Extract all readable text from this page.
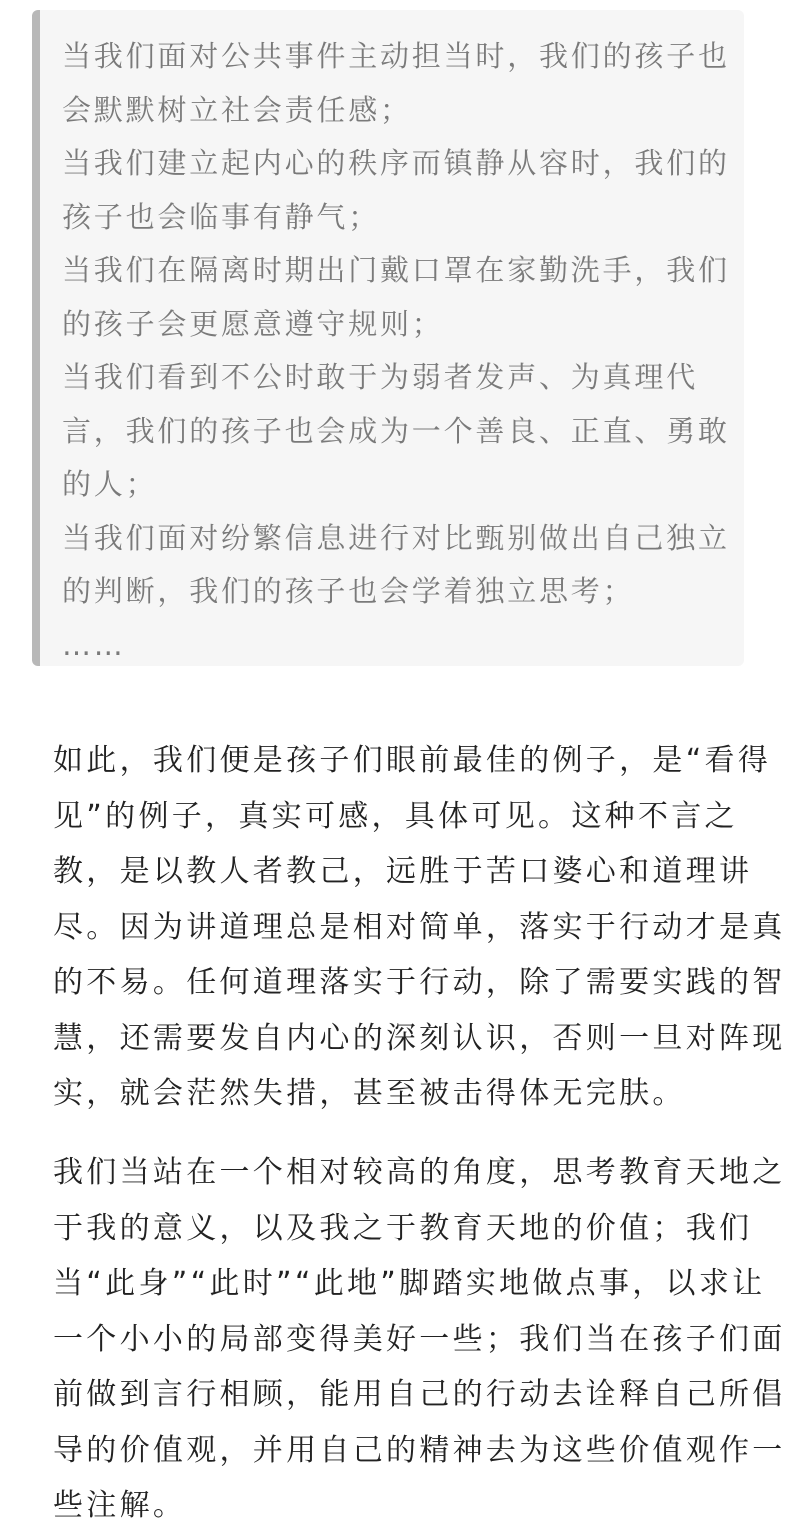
当我们面对公共事件主动担当时，我们的孩子也
会默默树立社会责任感；
当我们建立起内心的秩序而镇静从容时，我们的
孩子也会临事有静气；
当我们在隔离时期出门戴口罩在家勤洗手，我们
的孩子会更愿意遵守规则；
当我们看到不公时敢于为弱者发声、为真理代
言，我们的孩子也会成为一个善良、正直、勇敢
的人；
当我们面对纷繁信息进行对比甄别做出自己独立
的判断，我们的孩子也会学着独立思考；
……
如此，我们便是孩子们眼前最佳的例子，是“看得
见”的例子，真实可感，具体可见。这种不言之
教，是以教人者教己，远胜于苦口婆心和道理讲
尽。因为讲道理总是相对简单，落实于行动才是真
的不易。任何道理落实于行动，除了需要实践的智
慧，还需要发自内心的深刻认识，否则一旦对阵现
实，就会茫然失措，甚至被击得体无完肤。
我们当站在一个相对较高的角度，思考教育天地之
于我的意义，以及我之于教育天地的价值；我们
当“此身”“此时”“此地”脚踏实地做点事，以求让
一个小小的局部变得美好一些；我们当在孩子们面
前做到言行相顾，能用自己的行动去诠释自己所倡
导的价值观，并用自己的精神去为这些价值观作一
些注解。
